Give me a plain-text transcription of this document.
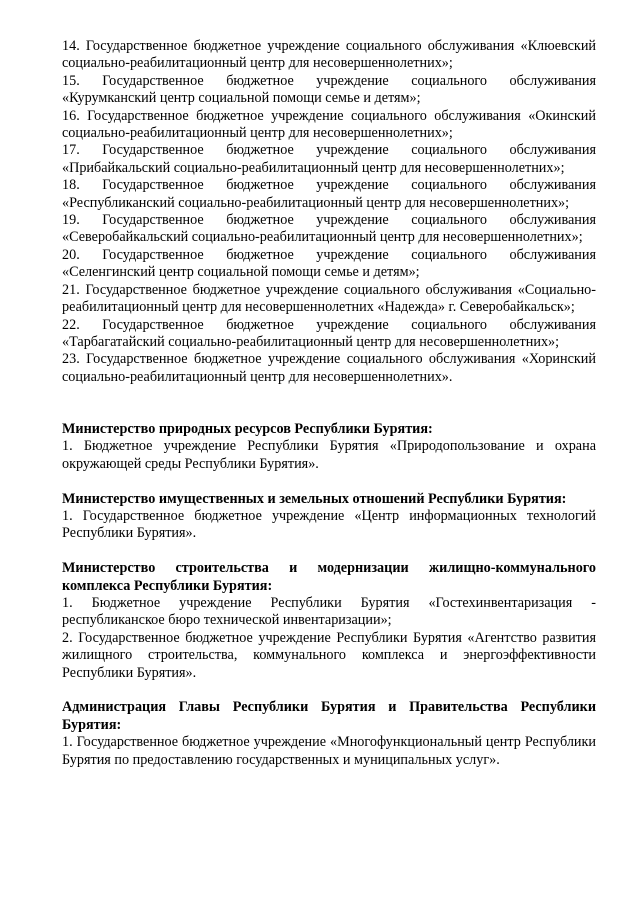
14. Государственное бюджетное учреждение социального обслуживания «Клюевский социально-реабилитационный центр для несовершеннолетних»;

15. Государственное бюджетное учреждение социального обслуживания «Курумканский центр социальной помощи семье и детям»;

16. Государственное бюджетное учреждение социального обслуживания «Окинский социально-реабилитационный центр для несовершеннолетних»;

17. Государственное бюджетное учреждение социального обслуживания «Прибайкальский социально-реабилитационный центр для несовершеннолетних»;

18. Государственное бюджетное учреждение социального обслуживания «Республиканский социально-реабилитационный центр для несовершеннолетних»;

19. Государственное бюджетное учреждение социального обслуживания «Северобайкальский социально-реабилитационный центр для несовершеннолетних»;

20. Государственное бюджетное учреждение социального обслуживания «Селенгинский центр социальной помощи семье и детям»;

21. Государственное бюджетное учреждение социального обслуживания «Социально-реабилитационный центр для несовершеннолетних «Надежда» г. Северобайкальск»;

22. Государственное бюджетное учреждение социального обслуживания «Тарбагатайский социально-реабилитационный центр для несовершеннолетних»;

23. Государственное бюджетное учреждение социального обслуживания «Хоринский социально-реабилитационный центр для несовершеннолетних».

Министерство природных ресурсов Республики Бурятия:

1. Бюджетное учреждение Республики Бурятия «Природопользование и охрана окружающей среды Республики Бурятия».

Министерство имущественных и земельных отношений Республики Бурятия:

1. Государственное бюджетное учреждение «Центр информационных технологий Республики Бурятия».

Министерство строительства и модернизации жилищно-коммунального комплекса Республики Бурятия:

1. Бюджетное учреждение Республики Бурятия «Гостехинвентаризация - республиканское бюро технической инвентаризации»;

2. Государственное бюджетное учреждение Республики Бурятия «Агентство развития жилищного строительства, коммунального комплекса и энергоэффективности Республики Бурятия».

Администрация Главы Республики Бурятия и Правительства Республики Бурятия:

1. Государственное бюджетное учреждение «Многофункциональный центр Республики Бурятия по предоставлению государственных и муниципальных услуг».
